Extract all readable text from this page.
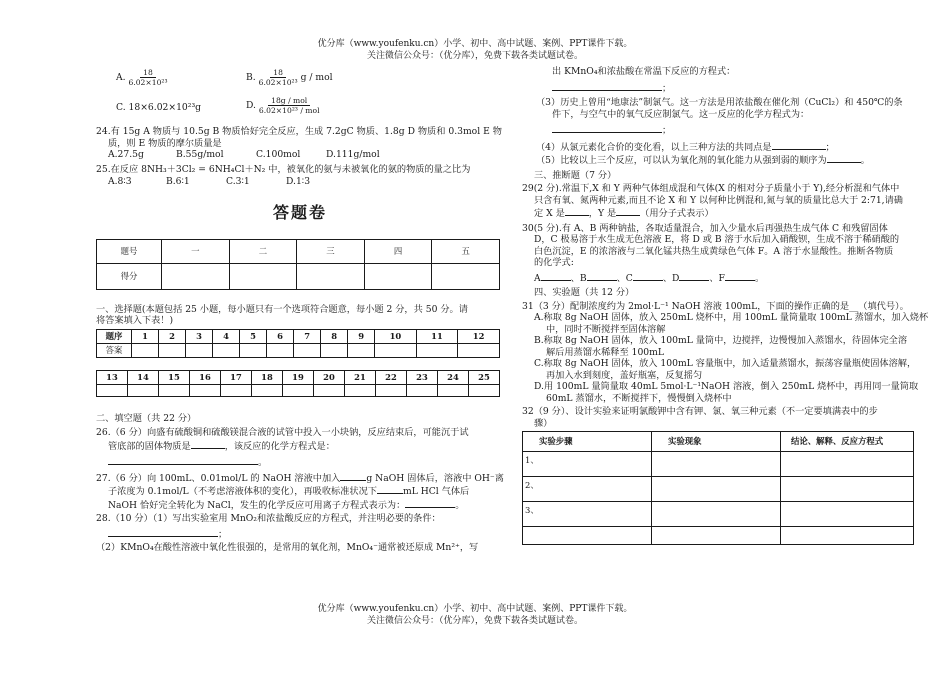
优分库（www.youfenku.cn）小学、初中、高中试题、案例、PPT课件下载。
关注微信公众号：（优分库），免费下载各类试题试卷。
A. $\frac{18}{\text{6.02×10²³}}$	B. $\frac{18}{\text{6.02×10²³}}$ g / mol
C. 18×6.02×10²³g	D. $\frac{\text{18g / mol}}{\text{6.02×10²³ / mol}}$

24.有 15g A 物质与 10.5g B 物质恰好完全反应，生成 7.2gC 物质、1.8g D 物质和 0.3mol E 物

质，则 E 物质的摩尔质量是

A.27.5g	B.55g/mol	C.100mol	D.111g/mol

25.在反应 8NH₃＋3Cl₂ = 6NH₄Cl＋N₂ 中，被氧化的氨与未被氧化的氨的物质的量之比为

A.8∶3	B.6∶1	C.3∶1	D.1∶3
答题卷
题号	一	二	三	四	五
得分					

一、选择题(本题包括 25 小题，每小题只有一个选项符合题意，每小题 2 分，共 50 分。请

将答案填入下表！)

题序	1	2	3	4	5	6	7	8	9	10	11	12
答案												
13	14	15	16	17	18	19	20	21	22	23	24	25

二、填空题（共 22 分）

26.（6 分）向盛有硫酸铜和硫酸镁混合液的试管中投入一小块钠，反应结束后，可能沉于试

管底部的固体物质是	，该反应的化学方程式是：

。

27.（6 分）向 100mL、0.01mol/L 的 NaOH 溶液中加入	g NaOH 固体后，溶液中 OH⁻离

子浓度为 0.1mol/L（不考虑溶液体积的变化），再吸收标准状况下	mL HCl 气体后

NaOH 恰好完全转化为 NaCl，发生的化学反应可用离子方程式表示为：	。

28.（10 分）（1）写出实验室用 MnO₂和浓盐酸反应的方程式，并注明必要的条件：

；

（2）KMnO₄在酸性溶液中氧化性很强的，是常用的氧化剂，MnO₄⁻通常被还原成 Mn²⁺，写

出 KMnO₄和浓盐酸在常温下反应的方程式：

；

（3）历史上曾用“地康法”制氯气。这一方法是用浓盐酸在催化剂（CuCl₂）和 450℃的条

件下，与空气中的氧气反应制氯气。这一反应的化学方程式为：

；

（4）从氯元素化合价的变化看，以上三种方法的共同点是	；

（5）比较以上三个反应，可以认为氧化剂的氧化能力从强到弱的顺序为	。

三、推断题（7 分）

29(2 分).常温下,X 和 Y 两种气体组成混和气体(X 的相对分子质量小于 Y),经分析混和气体中

只含有氧、氮两种元素,而且不论 X 和 Y 以何种比例混和,氮与氧的质量比总大于 2:71,请确

定 X 是	，Y 是	（用分子式表示）

30(5 分).有 A、B 两种钠盐，各取适量混合，加入少量水后再强热生成气体 C 和残留固体

D，C 极易溶于水生成无色溶液 E，将 D 或 B 溶于水后加入硝酸钡，生成不溶于稀硝酸的

白色沉淀，E 的浓溶液与二氧化锰共热生成黄绿色气体 F。A 溶于水显酸性。推断各物质

的化学式:

A	、B	、C	、D	、F	。

四、实验题（共 12 分）

31（3 分）配制浓度约为 2mol·L⁻¹ NaOH 溶液 100mL，下面的操作正确的是__（填代号）。

A.称取 8g NaOH 固体，放入 250mL 烧杯中，用 100mL 量筒量取 100mL 蒸馏水，加入烧杯

中，同时不断搅拌至固体溶解

B.称取 8g NaOH 固体，放入 100mL 量筒中，边搅拌，边慢慢加入蒸馏水，待固体完全溶

解后用蒸馏水稀释至 100mL

C.称取 8g NaOH 固体，放入 100mL 容量瓶中，加入适量蒸馏水，振荡容量瓶使固体溶解，

再加入水到刻度，盖好瓶塞，反复摇匀

D.用 100mL 量筒量取 40mL 5mol·L⁻¹NaOH 溶液，倒入 250mL 烧杯中，再用同一量筒取

60mL 蒸馏水，不断搅拌下，慢慢倒入烧杯中

32（9 分）、设计实验来证明氯酸钾中含有钾、氯、氧三种元素（不一定要填满表中的步

骤）

实验步骤	实验现象	结论、解释、反应方程式
1、		
2、		
3、		

优分库（www.youfenku.cn）小学、初中、高中试题、案例、PPT课件下载。
关注微信公众号：（优分库），免费下载各类试题试卷。
